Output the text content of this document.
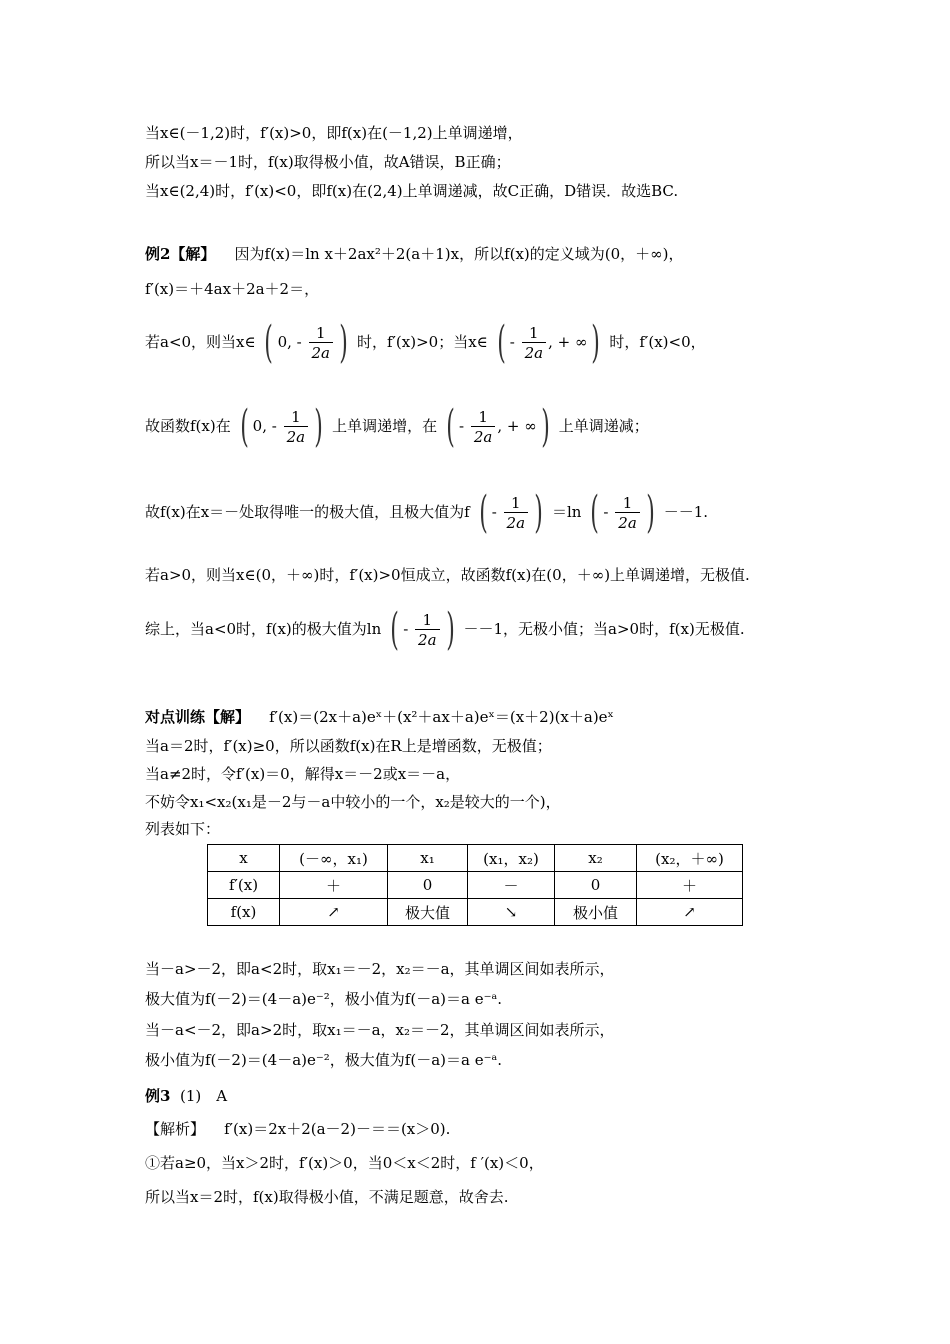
当x∈(－1,2)时，f′(x)>0，即f(x)在(－1,2)上单调递增，
所以当x＝－1时，f(x)取得极小值，故A错误，B正确；
当x∈(2,4)时，f′(x)<0，即f(x)在(2,4)上单调递减，故C正确，D错误．故选BC.
例2【解】 因为f(x)＝ln x＋2ax²＋2(a＋1)x，所以f(x)的定义域为(0，＋∞)，
f′(x)＝＋4ax＋2a＋2＝，
若a<0，则当x∈ ( 0, - $\frac{1}{2a}$ ) 时，f′(x)>0；当x∈ ( - $\frac{1}{2a}$ , + ∞) 时，f′(x)<0，
故函数f(x)在 ( 0, - $\frac{1}{2a}$ ) 上单调递增，在 ( - $\frac{1}{2a}$ , + ∞) 上单调递减；
故f(x)在x＝－处取得唯一的极大值，且极大值为f ( - $\frac{1}{2a}$ ) ＝ln ( - $\frac{1}{2a}$ ) －－1.
若a>0，则当x∈(0，＋∞)时，f′(x)>0恒成立，故函数f(x)在(0，＋∞)上单调递增，无极值.
综上，当a<0时，f(x)的极大值为ln ( - $\frac{1}{2a}$ ) －－1，无极小值；当a>0时，f(x)无极值.
对点训练【解】 f′(x)＝(2x＋a)eˣ＋(x²＋ax＋a)eˣ＝(x＋2)(x＋a)eˣ
当a＝2时，f′(x)≥0，所以函数f(x)在R上是增函数，无极值；
当a≠2时，令f′(x)＝0，解得x＝－2或x＝－a，
不妨令x₁<x₂(x₁是－2与－a中较小的一个，x₂是较大的一个)，
列表如下：
x	(－∞，x₁)	x₁	(x₁，x₂)	x₂	(x₂，＋∞)
f′(x)	＋	0	－	0	＋
f(x)	↗	极大值	↘	极小值	↗
当－a>－2，即a<2时，取x₁＝－2，x₂＝－a，其单调区间如表所示，
极大值为f(－2)＝(4－a)e⁻²，极小值为f(－a)＝a e⁻ᵃ.
当－a<－2，即a>2时，取x₁＝－a，x₂＝－2，其单调区间如表所示，
极小值为f(－2)＝(4－a)e⁻²，极大值为f(－a)＝a e⁻ᵃ.
例3 (1)　A
【解析】 f′(x)＝2x＋2(a－2)－＝＝(x＞0).
①若a≥0，当x＞2时，f′(x)＞0，当0＜x＜2时，f ′(x)＜0，
所以当x＝2时，f(x)取得极小值，不满足题意，故舍去.
